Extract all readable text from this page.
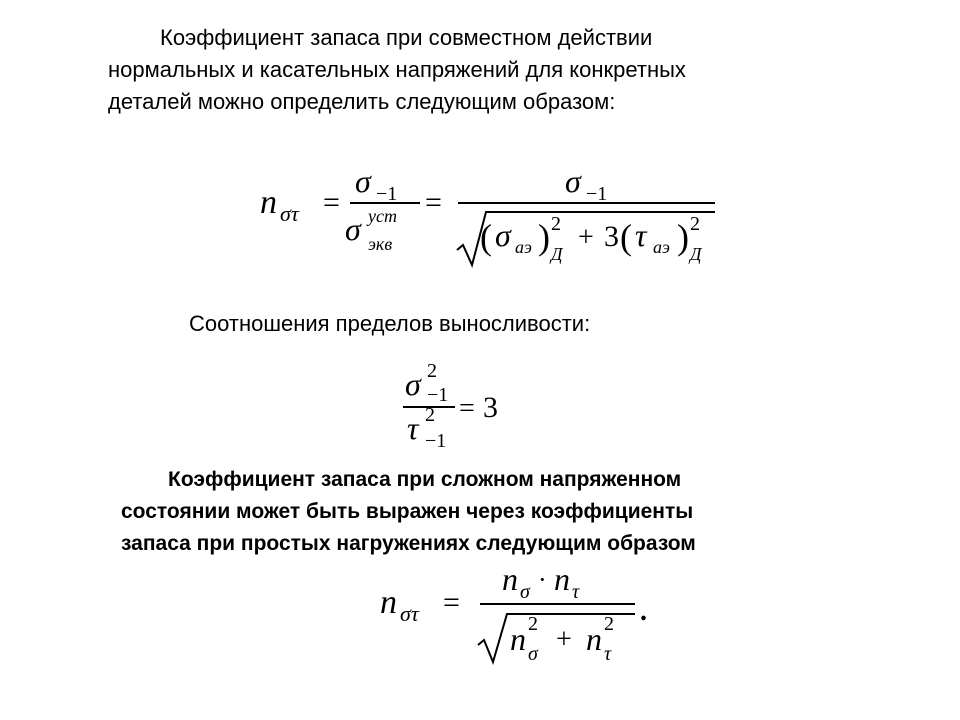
Коэффициент запаса при совместном действии
нормальных и касательных напряжений для конкретных
деталей можно определить следующим образом:
n στ =
σ −1
σ уст
экв
=
σ −1
( σ аэ ) 2
Д
+ 3 ( τ аэ ) 2
Д
Соотношения пределов выносливости:
σ 2
−1
τ 2
−1
= 3
Коэффициент запаса при сложном напряженном
состоянии может быть выражен через коэффициенты
запаса при простых нагружениях следующим образом
n στ =
n σ · n τ
n 2
σ + n 2
τ
.
